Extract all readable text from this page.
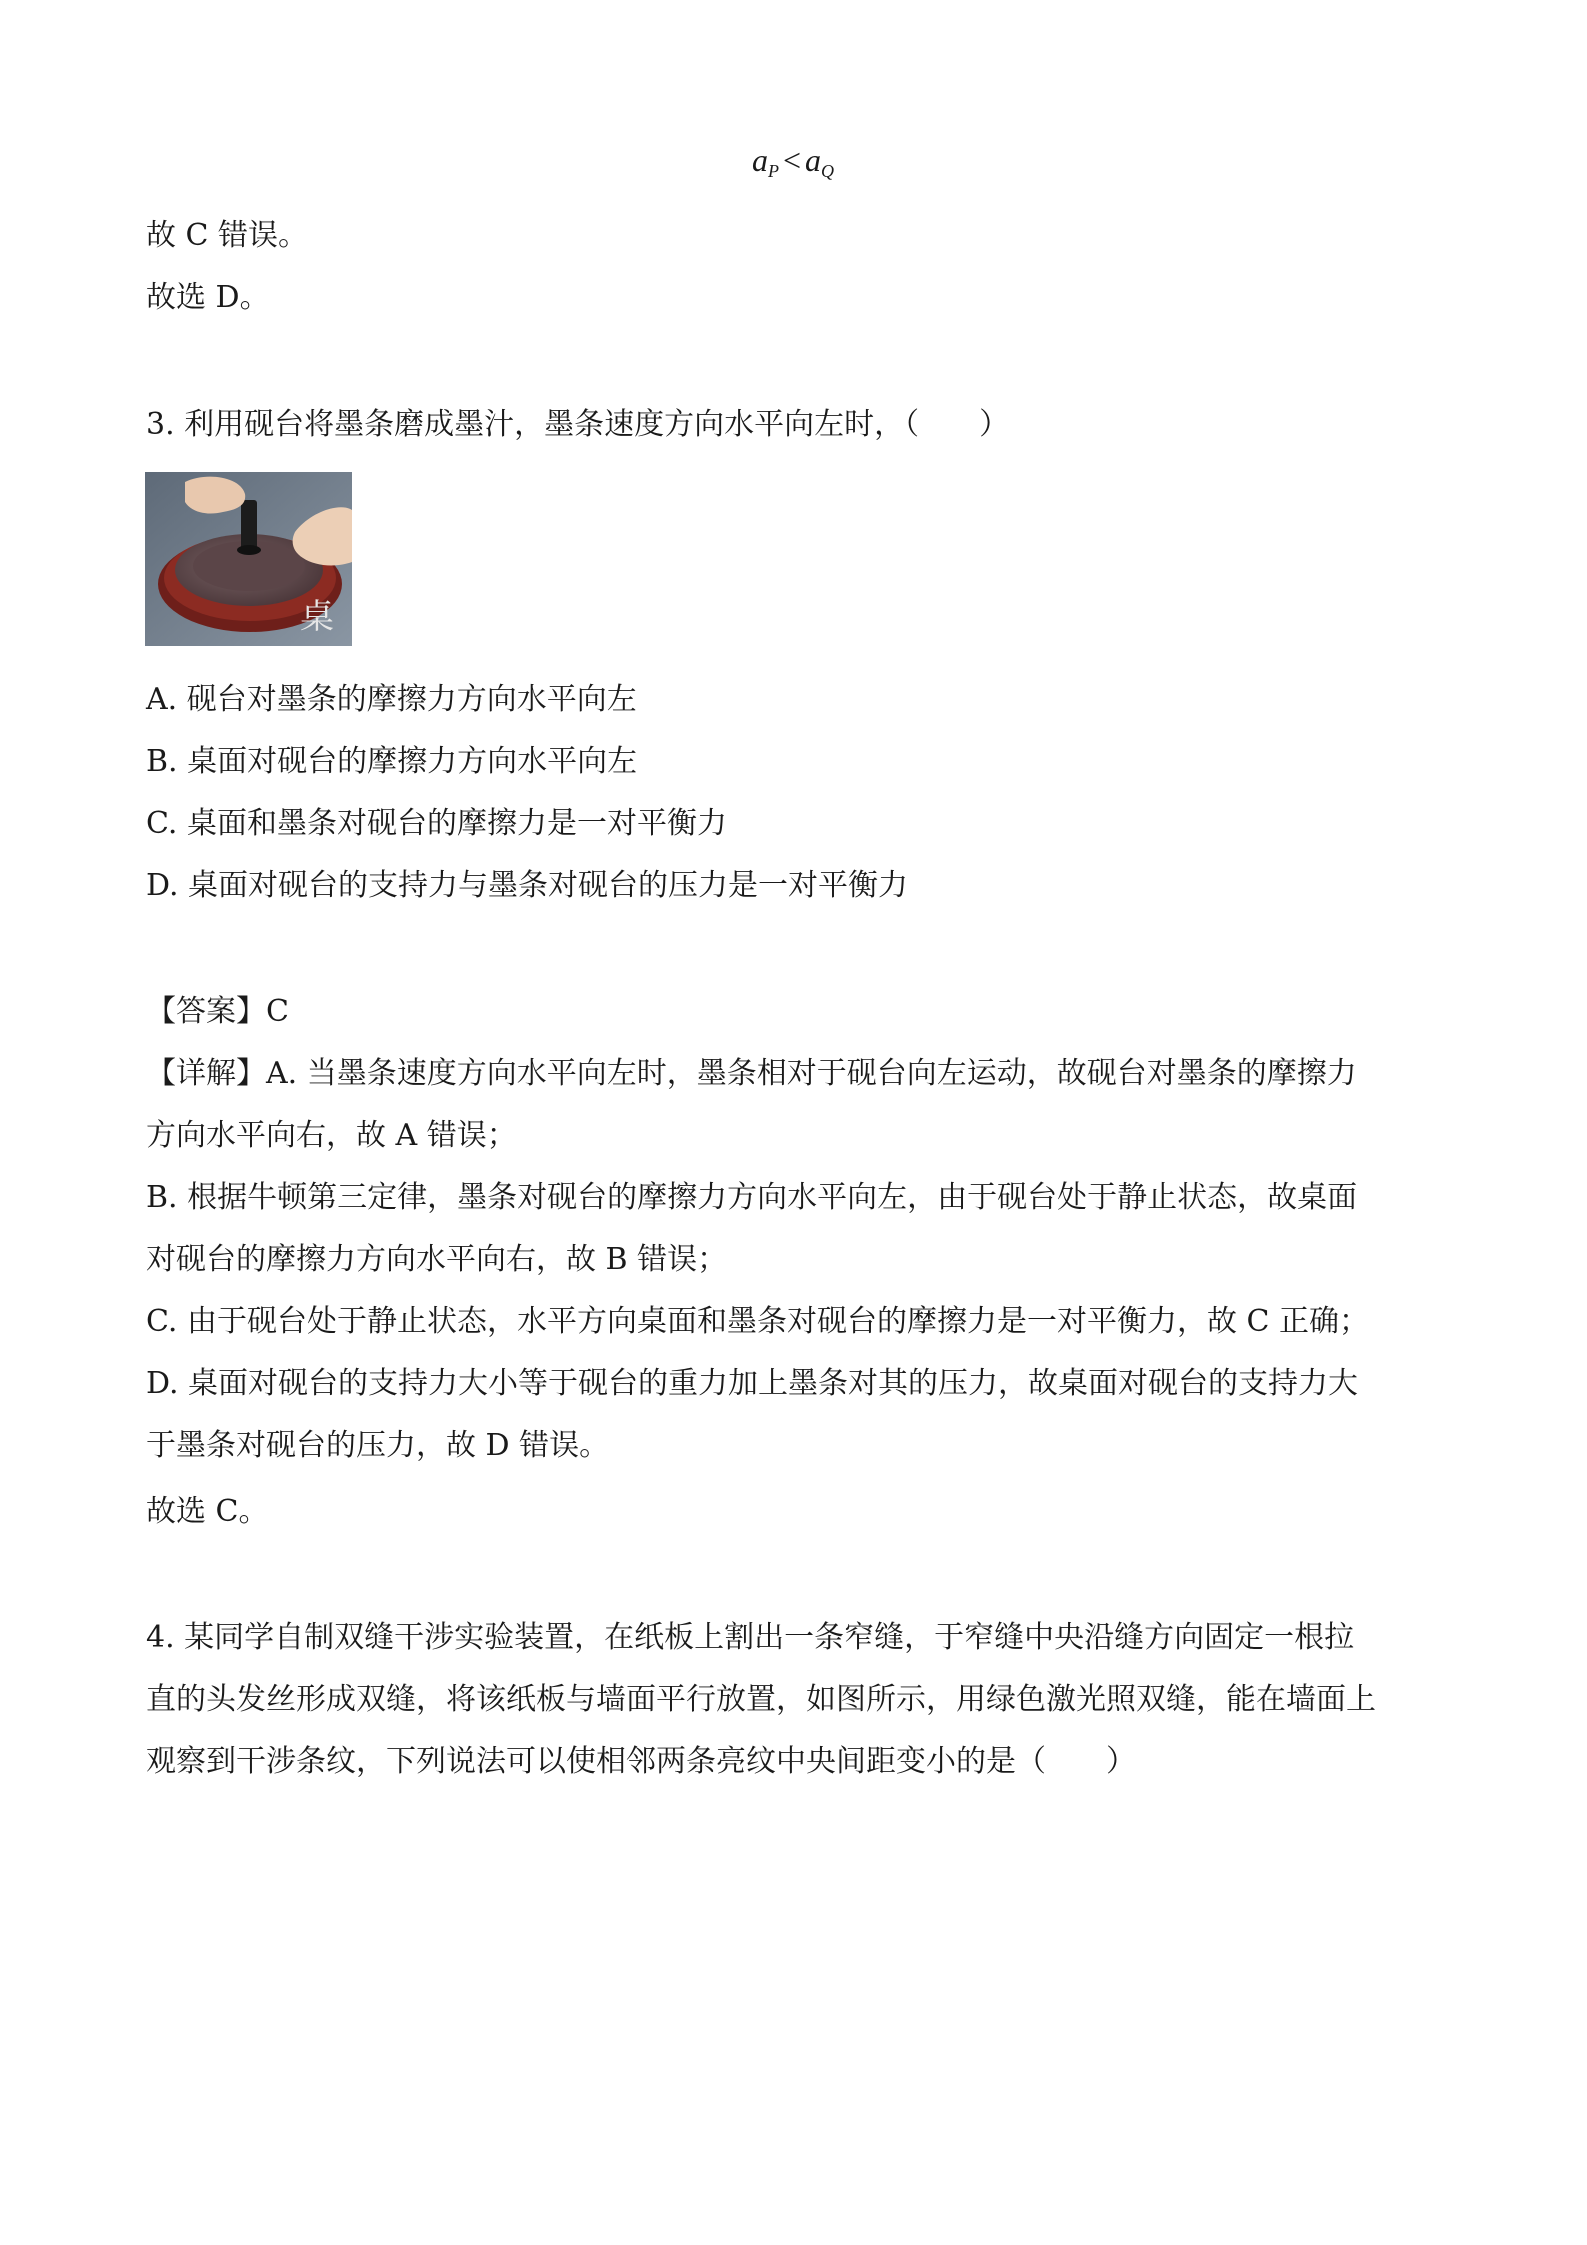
$a_P < a_Q$
故 C 错误。
故选 D。
3. 利用砚台将墨条磨成墨汁，墨条速度方向水平向左时，（　　）
桌
A. 砚台对墨条的摩擦力方向水平向左
B. 桌面对砚台的摩擦力方向水平向左
C. 桌面和墨条对砚台的摩擦力是一对平衡力
D. 桌面对砚台的支持力与墨条对砚台的压力是一对平衡力
【答案】C
【详解】A. 当墨条速度方向水平向左时，墨条相对于砚台向左运动，故砚台对墨条的摩擦力
方向水平向右，故 A 错误；
B. 根据牛顿第三定律，墨条对砚台的摩擦力方向水平向左，由于砚台处于静止状态，故桌面
对砚台的摩擦力方向水平向右，故 B 错误；
C. 由于砚台处于静止状态，水平方向桌面和墨条对砚台的摩擦力是一对平衡力，故 C 正确；
D. 桌面对砚台的支持力大小等于砚台的重力加上墨条对其的压力，故桌面对砚台的支持力大
于墨条对砚台的压力，故 D 错误。
故选 C。
4. 某同学自制双缝干涉实验装置，在纸板上割出一条窄缝，于窄缝中央沿缝方向固定一根拉
直的头发丝形成双缝，将该纸板与墙面平行放置，如图所示，用绿色激光照双缝，能在墙面上
观察到干涉条纹，下列说法可以使相邻两条亮纹中央间距变小的是（　　）
